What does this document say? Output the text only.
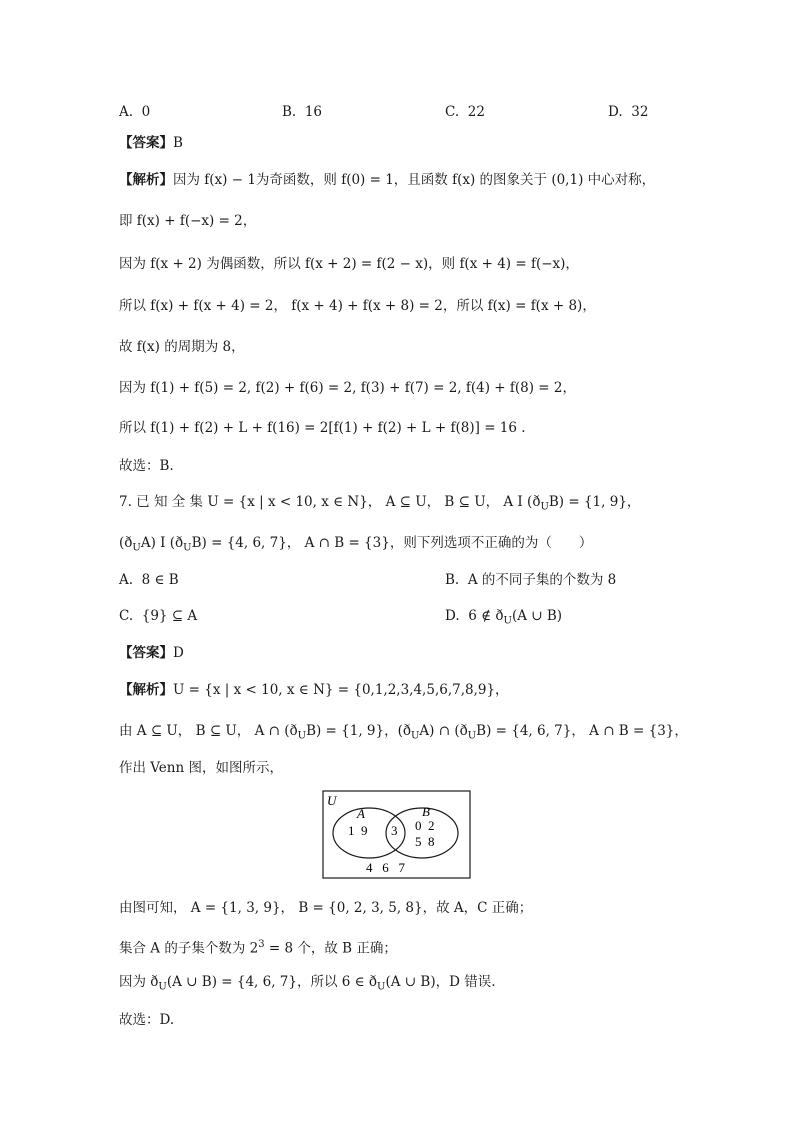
A. 0	B. 16	C. 22	D. 32
【答案】B
【解析】因为 f(x) − 1为奇函数，则 f(0) = 1，且函数 f(x) 的图象关于 (0,1) 中心对称，
即 f(x) + f(−x) = 2，
因为 f(x + 2) 为偶函数，所以 f(x + 2) = f(2 − x)，则 f(x + 4) = f(−x)，
所以 f(x) + f(x + 4) = 2， f(x + 4) + f(x + 8) = 2，所以 f(x) = f(x + 8)，
故 f(x) 的周期为 8，
因为 f(1) + f(5) = 2, f(2) + f(6) = 2, f(3) + f(7) = 2, f(4) + f(8) = 2，
所以 f(1) + f(2) + L + f(16) = 2[f(1) + f(2) + L + f(8)] = 16 .
故选：B.
7. 已 知 全 集 U = {x | x < 10, x ∈ N}， A ⊆ U， B ⊆ U， A I $(ð_UB) = \{1$, 9}，
$(ð_UA)$ I $(ð_UB) = \{4$, 6, 7}， A ∩ B = {3}，则下列选项不正确的为（　　）
A. 8 ∈ B	B. A 的不同子集的个数为 8
C. {9} ⊆ A	D. 6 ∉ $ð_U(A$ ∪ B)
【答案】D
【解析】U = {x | x < 10, x ∈ N} = {0,1,2,3,4,5,6,7,8,9}，
由 A ⊆ U， B ⊆ U， A ∩ $(ð_UB) = \{1$, 9}，$(ð_UA)$ ∩ $(ð_UB) = \{4$, 6, 7}， A ∩ B = {3}，
作出 Venn 图，如图所示，
U
A	B
1  9 3 0  2
5  8
4   6   7
由图可知， A = {1, 3, 9}， B = {0, 2, 3, 5, 8}，故 A，C 正确；
集合 A 的子集个数为 $2^3 = 8$ 个，故 B 正确；
因为 $ð_U(A$ ∪ B) = {4, 6, 7}，所以 6 ∈ $ð_U(A$ ∪ B)，D 错误.
故选：D.
